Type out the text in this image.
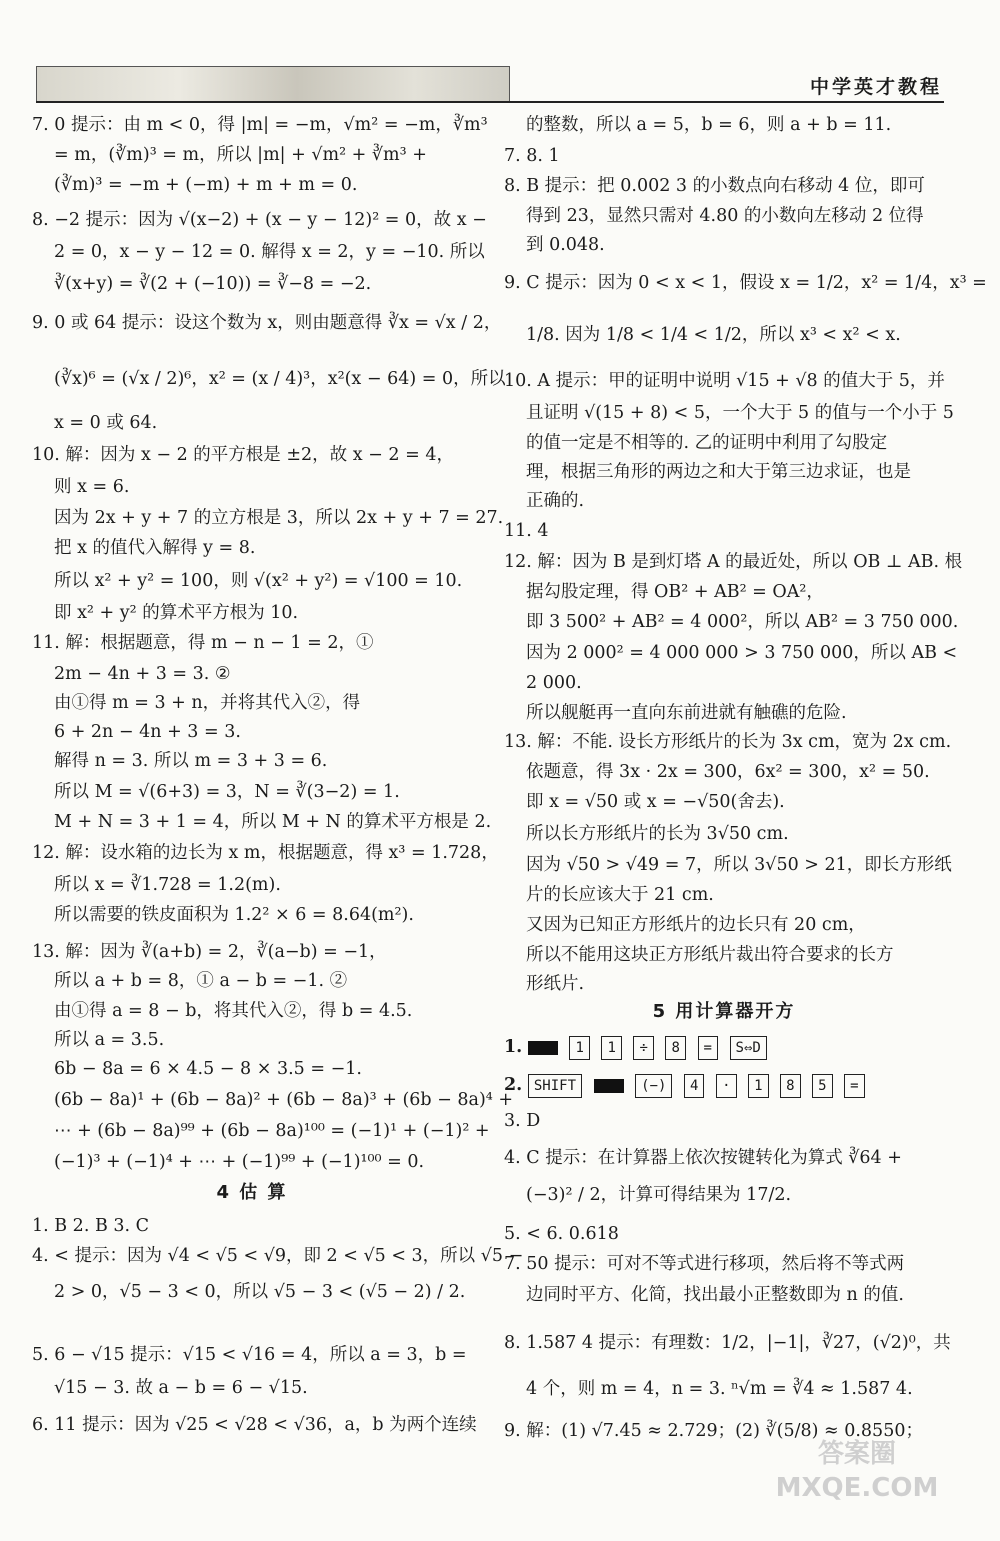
中学英才教程
7. 0 提示：由 m < 0，得 |m| = −m，√m² = −m，∛m³
= m，(∛m)³ = m，所以 |m| + √m² + ∛m³ +
(∛m)³ = −m + (−m) + m + m = 0.
8. −2 提示：因为 √(x−2) + (x − y − 12)² = 0，故 x −
2 = 0，x − y − 12 = 0. 解得 x = 2，y = −10. 所以
∛(x+y) = ∛(2 + (−10)) = ∛−8 = −2.
9. 0 或 64 提示：设这个数为 x，则由题意得 ∛x = √x / 2，
(∛x)⁶ = (√x / 2)⁶，x² = (x / 4)³，x²(x − 64) = 0，所以
x = 0 或 64.
10. 解：因为 x − 2 的平方根是 ±2，故 x − 2 = 4，
则 x = 6.
因为 2x + y + 7 的立方根是 3，所以 2x + y + 7 = 27.
把 x 的值代入解得 y = 8.
所以 x² + y² = 100，则 √(x² + y²) = √100 = 10.
即 x² + y² 的算术平方根为 10.
11. 解：根据题意，得 m − n − 1 = 2，①
2m − 4n + 3 = 3. ②
由①得 m = 3 + n，并将其代入②，得
6 + 2n − 4n + 3 = 3.
解得 n = 3. 所以 m = 3 + 3 = 6.
所以 M = √(6+3) = 3，N = ∛(3−2) = 1.
M + N = 3 + 1 = 4，所以 M + N 的算术平方根是 2.
12. 解：设水箱的边长为 x m，根据题意，得 x³ = 1.728，
所以 x = ∛1.728 = 1.2(m).
所以需要的铁皮面积为 1.2² × 6 = 8.64(m²).
13. 解：因为 ∛(a+b) = 2，∛(a−b) = −1，
所以 a + b = 8，① a − b = −1. ②
由①得 a = 8 − b，将其代入②，得 b = 4.5.
所以 a = 3.5.
6b − 8a = 6 × 4.5 − 8 × 3.5 = −1.
(6b − 8a)¹ + (6b − 8a)² + (6b − 8a)³ + (6b − 8a)⁴ +
⋯ + (6b − 8a)⁹⁹ + (6b − 8a)¹⁰⁰ = (−1)¹ + (−1)² +
(−1)³ + (−1)⁴ + ⋯ + (−1)⁹⁹ + (−1)¹⁰⁰ = 0.
4 估 算
1. B 2. B 3. C
4. < 提示：因为 √4 < √5 < √9，即 2 < √5 < 3，所以 √5 −
2 > 0，√5 − 3 < 0，所以 √5 − 3 < (√5 − 2) / 2.
5. 6 − √15 提示：√15 < √16 = 4，所以 a = 3，b =
√15 − 3. 故 a − b = 6 − √15.
6. 11 提示：因为 √25 < √28 < √36，a，b 为两个连续
的整数，所以 a = 5，b = 6，则 a + b = 11.
7. 8. 1
8. B 提示：把 0.002 3 的小数点向右移动 4 位，即可
得到 23，显然只需对 4.80 的小数向左移动 2 位得
到 0.048.
9. C 提示：因为 0 < x < 1，假设 x = 1/2，x² = 1/4，x³ =
1/8. 因为 1/8 < 1/4 < 1/2，所以 x³ < x² < x.
10. A 提示：甲的证明中说明 √15 + √8 的值大于 5，并
且证明 √(15 + 8) < 5，一个大于 5 的值与一个小于 5
的值一定是不相等的. 乙的证明中利用了勾股定
理，根据三角形的两边之和大于第三边求证，也是
正确的.
11. 4
12. 解：因为 B 是到灯塔 A 的最近处，所以 OB ⊥ AB. 根
据勾股定理，得 OB² + AB² = OA²，
即 3 500² + AB² = 4 000²，所以 AB² = 3 750 000.
因为 2 000² = 4 000 000 > 3 750 000，所以 AB <
2 000.
所以舰艇再一直向东前进就有触礁的危险.
13. 解：不能. 设长方形纸片的长为 3x cm，宽为 2x cm.
依题意，得 3x · 2x = 300，6x² = 300，x² = 50.
即 x = √50 或 x = −√50(舍去).
所以长方形纸片的长为 3√50 cm.
因为 √50 > √49 = 7，所以 3√50 > 21，即长方形纸
片的长应该大于 21 cm.
又因为已知正方形纸片的边长只有 20 cm，
所以不能用这块正方形纸片裁出符合要求的长方
形纸片.
5 用计算器开方
1.	1 1 ÷ 8 = S⇔D
2. SHIFT	(−) 4 · 1 8 5 =
3. D
4. C 提示：在计算器上依次按键转化为算式 ∛64 +
(−3)² / 2，计算可得结果为 17/2.
5. < 6. 0.618
7. 50 提示：可对不等式进行移项，然后将不等式两
边同时平方、化简，找出最小正整数即为 n 的值.
8. 1.587 4 提示：有理数：1/2，|−1|，∛27，(√2)⁰，共
4 个，则 m = 4，n = 3. ⁿ√m = ∛4 ≈ 1.587 4.
9. 解：(1) √7.45 ≈ 2.729；(2) ∛(5/8) ≈ 0.8550；
答案圈
MXQE.COM
